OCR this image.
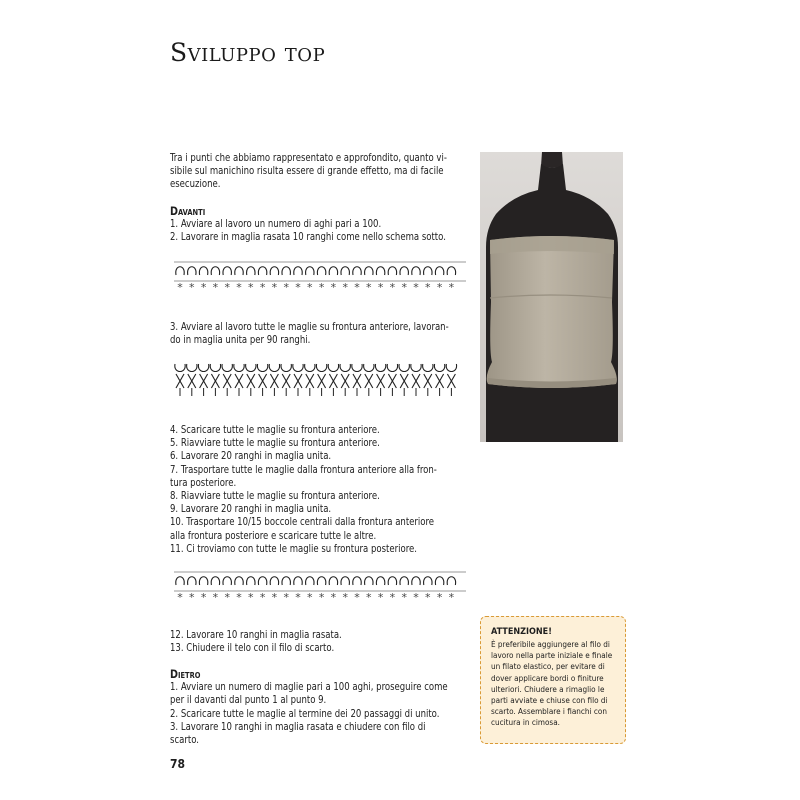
Sviluppo top

Tra i punti che abbiamo rappresentato e approfondito, quanto vi-
sibile sul manichino risulta essere di grande effetto, ma di facile
esecuzione.

Davanti

1. Avviare al lavoro un numero di aghi pari a 100.
2. Lavorare in maglia rasata 10 ranghi come nello schema sotto.

* * * * * * * * * * * * * * * * * * * * * * * *

3. Avviare al lavoro tutte le maglie su frontura anteriore, lavoran-
do in maglia unita per 90 ranghi.

4. Scaricare tutte le maglie su frontura anteriore.
5. Riavviare tutte le maglie su frontura anteriore.
6. Lavorare 20 ranghi in maglia unita.
7. Trasportare tutte le maglie dalla frontura anteriore alla fron-
tura posteriore.
8. Riavviare tutte le maglie su frontura anteriore.
9. Lavorare 20 ranghi in maglia unita.
10. Trasportare 10/15 boccole centrali dalla frontura anteriore
alla frontura posteriore e scaricare tutte le altre.
11. Ci troviamo con tutte le maglie su frontura posteriore.

* * * * * * * * * * * * * * * * * * * * * * * *

12. Lavorare 10 ranghi in maglia rasata.
13. Chiudere il telo con il filo di scarto.

Dietro

1. Avviare un numero di maglie pari a 100 aghi, proseguire come
per il davanti dal punto 1 al punto 9.
2. Scaricare tutte le maglie al termine dei 20 passaggi di unito.
3. Lavorare 10 ranghi in maglia rasata e chiudere con filo di
scarto.

ATTENZIONE!
È preferibile aggiungere al filo di lavoro nella parte iniziale e finale un filato elastico, per evitare di dover applicare bordi o finiture ulteriori. Chiudere a rimaglio le parti avviate e chiuse con filo di scarto. Assemblare i fianchi con cucitura in cimosa.
78
